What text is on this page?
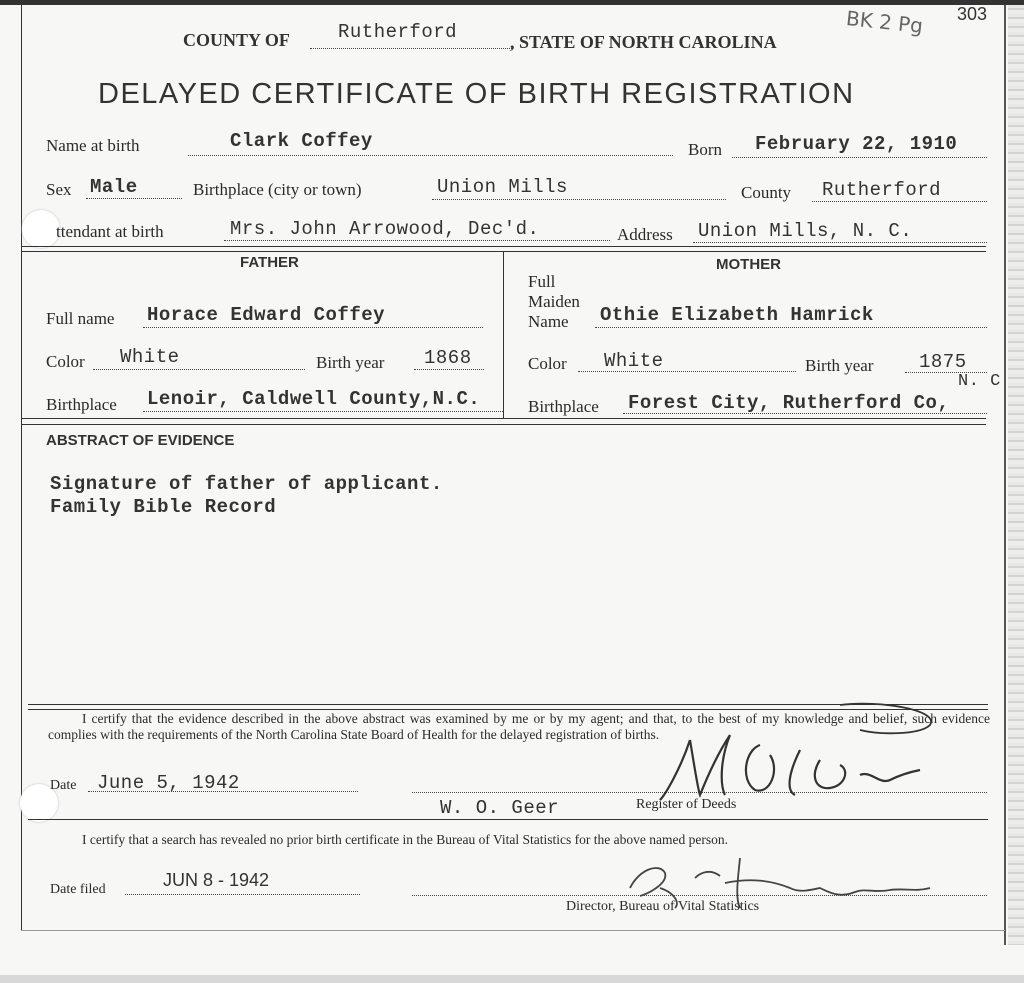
COUNTY OF	Rutherford	, STATE OF NORTH CAROLINA
BK 2 Pg 303
DELAYED CERTIFICATE OF BIRTH REGISTRATION
Name at birth	Clark Coffey	Born February 22, 1910
Sex Male	Birthplace (city or town)	Union Mills	County Rutherford
ttendant at birth	Mrs. John Arrowood, Dec'd.	Address Union Mills, N. C.
FATHER
Full name Horace Edward Coffey
Color White	Birth year 1868
Birthplace Lenoir, Caldwell County,N.C.
MOTHER
Full
Maiden
Name Othie Elizabeth Hamrick
Color White	Birth year 1875
N. C
Birthplace Forest City, Rutherford Co,
ABSTRACT OF EVIDENCE
Signature of father of applicant.
Family Bible Record
I certify that the evidence described in the above abstract was examined by me or by my agent; and that, to the best of my knowledge and belief, such evidence complies with the requirements of the North Carolina State Board of Health for the delayed registration of births.
Date June 5, 1942
W. O. Geer	Register of Deeds
I certify that a search has revealed no prior birth certificate in the Bureau of Vital Statistics for the above named person.
Date filed	JUN 8 - 1942
Director, Bureau of Vital Statistics
